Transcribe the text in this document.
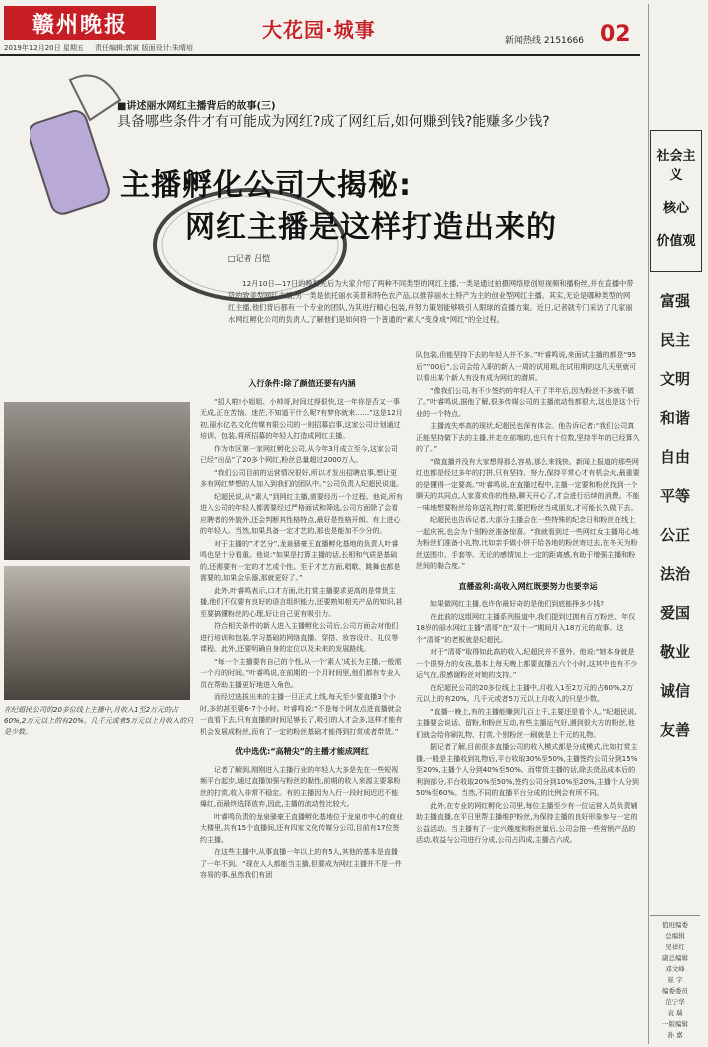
赣州晚报	大花园·城事	新闻热线 2151666 02
2019年12月20日 星期五 责任编辑:郭寅 版面设计:朱晴培
■讲述丽水网红主播背后的故事(三)
具备哪些条件才有可能成为网红?成了网红后,如何赚到钱?能赚多少钱?
主播孵化公司大揭秘:
网红主播是这样打造出来的
□记者 吕恺
12月10日—17日的晚报先后为大家介绍了两种不同类型的网红主播,一类是通过拍摄网络原创短视频和播粉丝,并在直播中带货的致美型网红主播,另一类是依托丽水美景和特色农产品,以推荐丽水土特产为主的创业型网红主播。其实,无论是哪种类型的网红主播,他们背后都有一个专业的团队,为其进行精心包装,并努力策划能够吸引人眼球的直播方案。近日,记者就专门采访了几家丽水网红孵化公司的负责人,了解他们是如何将一个普通的“素人”变身成“网红”的全过程。
在纪超民公司的20多位线上主播中,月收入1至2万元的占60%,2万元以上的有20%。几千元或者5万元以上月收入的只是少数。
入行条件:除了颜值还要有内涵

“招人啦!小姐姐、小帅哥,时间过得很快,这一年你是否又一事无成,正在苦恼、迷茫,不知道干什么呢?有梦你就来……”这是12月初,丽水亿名文化传媒有限公司的一则招募启事,这家公司计划通过培训、包装,将所招募的年轻人打造成网红主播。

作为市区第一家网红孵化公司,从今年3月成立至今,这家公司已经“出品”了20多个网红,粉丝总量超过2000万人。

“我们公司目前的运营情况很好,所以才发出招聘启事,想让更多有网红梦想的人加入到我们的团队中。”公司负责人纪超民说道。

纪超民说,从“素人”到网红主播,需要经历一个过程。他说,所有进入公司的年轻人都需要经过严格面试和筛选,公司方面除了会看应聘者的外貌外,还会判断其性格特点,最好是性格开朗、有上进心的年轻人。当然,如果具备一定才艺的,那也是能加不少分的。

对于主播的“才艺分”,龙泉骚豪王直播孵化基地的负责人叶睿鸣也是十分看重。他说:“如果是打算主播的话,长相和气质是基础的,还需要有一定的才艺或个性。至于才艺方面,唱歌、跳舞也都是需要的,如果会乐器,那就更好了。”

此外,叶睿鸣表示,口才方面,比打赏主播要求更高的是带货主播,他们不仅要有良好的语言组织能力,还要熟知相关产品的知识,甚至要搞懂粉丝的心理,好让自己更有吸引力。

符合相关条件的新人进入主播孵化公司后,公司方面会对他们进行培训和包装,学习基础的网络直播、穿搭、妆容设计、礼仪等课程。此外,还要明确自身的定位以及未来的发展路线。

“每一个主播要有自己的个性,从一个‘素人’成长为主播,一般需一个月的时间。”叶睿鸣说,在前期的一个月时间里,他们都有专业人员在帮助主播更好地进入角色。

而经过选拔出来的主播一旦正式上线,每天至少要直播3个小时,多的甚至要6-7个小时。叶睿鸣说:“不是每个网友点进直播就会一直看下去,只有直播的时间足够长了,吸引的人才会多,这样才能有机会发展成粉丝,而有了一定的粉丝基础才能得到打赏或者带货。”

优中选优:“高精尖”的主播才能成网红

记者了解到,刚刚进入主播行业的年轻人大多是先在一些短视频平台起步,通过直播加强与粉丝的黏性,前期的收入来源主要靠粉丝的打赏,收入非常不稳定。有的主播因为入行一段时间迟迟不能爆红,而最终选择放弃,因此,主播的流动性比较大。

叶睿鸣负责的龙泉骚豪王直播孵化基地位于龙泉市中心的商业大楼里,共有15个直播间,还有四家文化传媒分公司,目前有17位签约主播。

在这些主播中,从事直播一年以上的有5人,其他的基本是直播了一年不到。“现在人人都能当主播,但要成为网红主播并不是一件容易的事,虽然我们有团

队包装,但能坚持下去的年轻人并不多。”叶睿鸣说,来面试主播的都是“95后”“00后”,公司会给入职的新人一周的试用期,在试用期的这几天里就可以看出某个新人有没有成为网红的潜质。

“像我们公司,有不少签约的年轻人干了半年后,因为粉丝不多就不做了。”叶睿鸣说,据他了解,很多传媒公司的主播流动性都很大,这也是这个行业的一个特点。

主播流失率高的现状,纪超民也深有体会。他告诉记者:“我们公司真正能坚持做下去的主播,并走在前端的,也只有十位数,坚持半年的已经算久的了。”

“做直播并没有大家想得那么容易,那么来钱快。新闻上报道的那些网红也都是经过多年的打拼,只有坚持、努力,保持平常心才有机会火,最重要的是懂得一定要高。”叶睿鸣说,在直播过程中,主播一定要和粉丝找到一个聊天的共同点,人家喜欢你的性格,聊天开心了,才会进行后续的消费。不能一味地想要粉丝给你送礼物打赏,要把粉丝当成朋友,才可能长久做下去。

纪超民也告诉记者,大部分主播会在一些特殊的纪念日和粉丝在线上一起庆祝,也会为个别粉丝准备惊喜。“我就看到过一些网红女主播用心地为粉丝们准备小礼物,比如亲手做小饼干给各地的粉丝寄过去,在冬天为粉丝送围巾、手套等。无论的感情加上一定的距离感,有助于增强主播和粉丝间的黏合度。”

直播盈利:高收入网红既要努力也要幸运

如果做网红主播,也许你最好奇的是他们到底能挣多少钱?

在此前的这组网红主播系列报道中,我们提到过拥有百万粉丝、年仅18岁的丽水网红主播“清哥”在“双十一”期间月入18万元的故事。这个“清哥”的老板就是纪超民。

对于“清哥”取得如此高的收入,纪超民并不意外。他说:“她本身就是一个很努力的女孩,基本上每天晚上都要直播五六个小时,这其中也有不少运气在,很感谢粉丝对她的支持。”

在纪超民公司的20多位线上主播中,月收入1至2万元的占60%,2万元以上的有20%。几千元或者5万元以上月收入的只是少数。

“直播一晚上,有的主播能赚到几百上千,主要还是看个人。”纪超民说,主播要会说话、留粉,和粉丝互动,有些主播运气好,遇到很大方的粉丝,他们就会给你刷礼物、打赏,个别粉丝一刷就是上千元的礼物。

据记者了解,目前很多直播公司的收入模式都是分成模式,比如打赏主播,一般是主播收到礼物后,平台收取30%至50%,主播签约公司分到15%至20%,主播个人分到40%至50%。而带货主播的话,除去货品成本后的利润部分,平台收取20%至50%,签约公司分到10%至20%,主播个人分到50%至60%。当然,不同的直播平台分成的比例会有所不同。

此外,在专业的网红孵化公司里,每位主播至少有一位运营人员负责辅助主播直播,在平日里帮主播维护粉丝,为保持主播的良好形象参与一定的公益活动。当主播有了一定兴趣度和粉丝量后,公司会推一些营销产品的活动,收益与公司进行分成,公司占四成,主播占六成。

社会主义
核心
价值观
富强
民主
文明
和谐
自由
平等
公正
法治
爱国
敬业
诚信
友善
值班编委
总编辑
吴祥红
副总编辑
邓文峰
崔 宇
编委委员
范宁华
袁 瑞
一版编辑
孙 嘉
